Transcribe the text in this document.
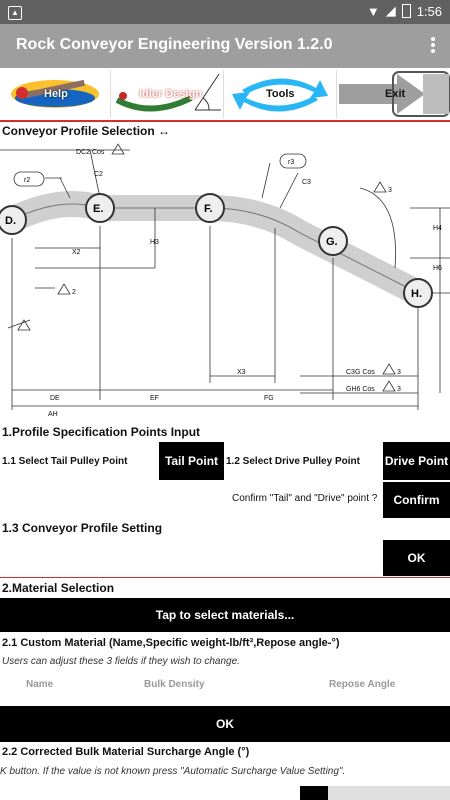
▲	▼ ◢ 1:56
Rock Conveyor Engineering Version 1.2.0
Help	Idler Design	Tools	Exit
Conveyor Profile Selection ↔
D.
E.	F.
G.
H.
DC2 Cos
r2
C2
r3
C3
3
H3
H4
H6
X2
2
X3	C3G Cos	3
GH6 Cos	3
DE	EF	FG
AH
1.Profile Specification Points Input
1.1 Select Tail Pulley Point	Tail Point 1.2 Select Drive Pulley Point Drive Point
Confirm "Tail" and "Drive" point ?	Confirm
1.3 Conveyor Profile Setting
OK
2.Material Selection
Tap to select materials...
2.1 Custom Material (Name,Specific weight-lb/ft³,Repose angle-°)
Users can adjust these 3 fields if they wish to change.
Name	Bulk Density	Repose Angle
OK
2.2 Corrected Bulk Material Surcharge Angle (°)
K button. If the value is not known press "Automatic Surcharge Value Setting".
